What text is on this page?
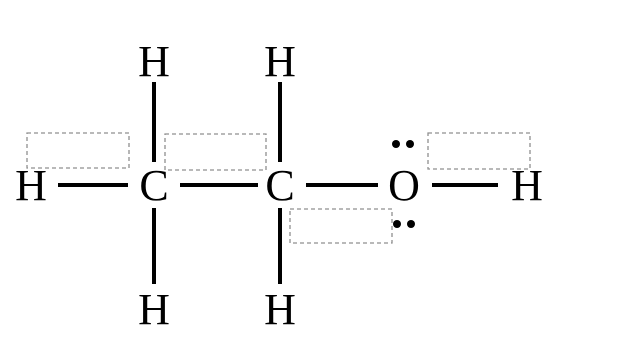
H C C O H
H
H
H
H
